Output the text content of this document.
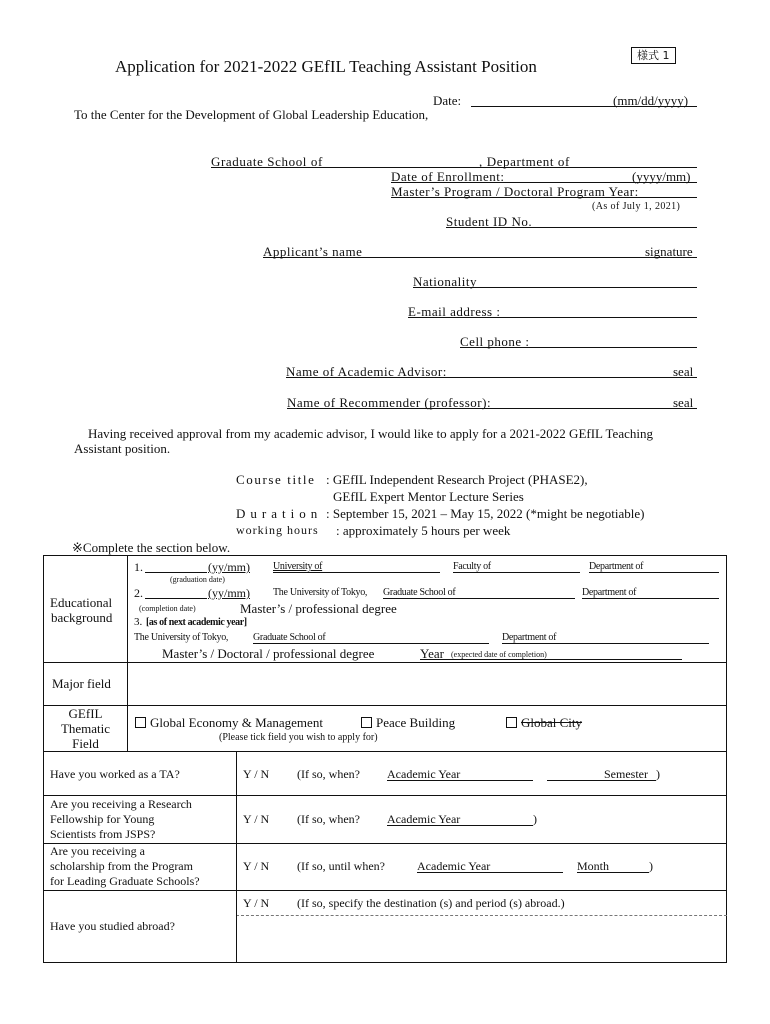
様式 1
Application for 2021-2022 GEfIL Teaching Assistant Position
Date:	(mm/dd/yyyy)
To the Center for the Development of Global Leadership Education,
Graduate School of	, Department of
Date of Enrollment:	(yyyy/mm)
Master’s Program / Doctoral Program Year:
(As of July 1, 2021)
Student ID No.
Applicant’s name	signature
Nationality
E-mail address :
Cell phone :
Name of Academic Advisor:	seal
Name of Recommender (professor):	seal
Having received approval from my academic advisor, I would like to apply for a 2021-2022 GEfIL Teaching
Assistant position.
Course title : GEfIL Independent Research Project (PHASE2),
GEfIL Expert Mentor Lecture Series
Duration : September 15, 2021 – May 15, 2022 (*might be negotiable)
working hours : approximately 5 hours per week
※Complete the section below.
Educational
background
1.	(yy/mm) University of	Faculty of	Department of
(graduation date)
2.	(yy/mm) The University of Tokyo, Graduate School of	Department of
(completion date)	Master’s / professional degree
3. [as of next academic year]
The University of Tokyo, Graduate School of	Department of
Master’s / Doctoral / professional degree	Year (expected date of completion)
Major field
GEfIL
Thematic
Field
Global Economy & Management	Peace Building	Global City
(Please tick field you wish to apply for)
Have you worked as a TA?	Y / N (If so, when? Academic Year	Semester )
Are you receiving a Research
Fellowship for Young
Scientists from JSPS?
Y / N (If so, when? Academic Year	)
Are you receiving a
scholarship from the Program
for Leading Graduate Schools?
Y / N (If so, until when?	Academic Year	Month	)
Have you studied abroad?
Y / N (If so, specify the destination (s) and period (s) abroad.)
